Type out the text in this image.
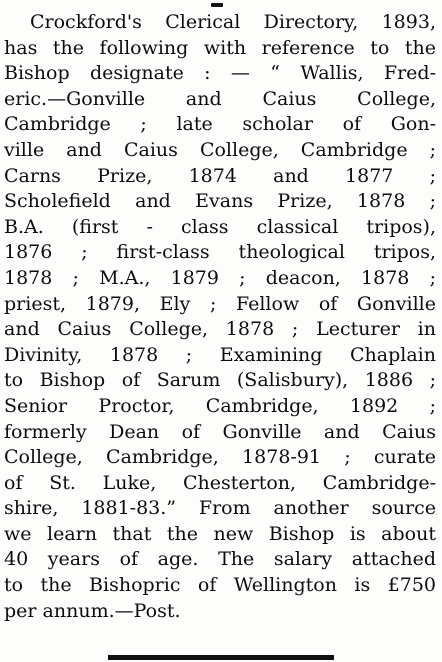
Crockford's Clerical Directory, 1893,
has the following with reference to the
Bishop designate : — “ Wallis, Fred-
eric.—Gonville and Caius College,
Cambridge ; late scholar of Gon-
ville and Caius College, Cambridge ;
Carns Prize, 1874 and 1877 ;
Scholefield and Evans Prize, 1878 ;
B.A. (first - class classical tripos),
1876 ; first-class theological tripos,
1878 ; M.A., 1879 ; deacon, 1878 ;
priest, 1879, Ely ; Fellow of Gonville
and Caius College, 1878 ; Lecturer in
Divinity, 1878 ; Examining Chaplain
to Bishop of Sarum (Salisbury), 1886 ;
Senior Proctor, Cambridge, 1892 ;
formerly Dean of Gonville and Caius
College, Cambridge, 1878-91 ; curate
of St. Luke, Chesterton, Cambridge-
shire, 1881-83.” From another source
we learn that the new Bishop is about
40 years of age. The salary attached
to the Bishopric of Wellington is £750
per annum.—Post.
